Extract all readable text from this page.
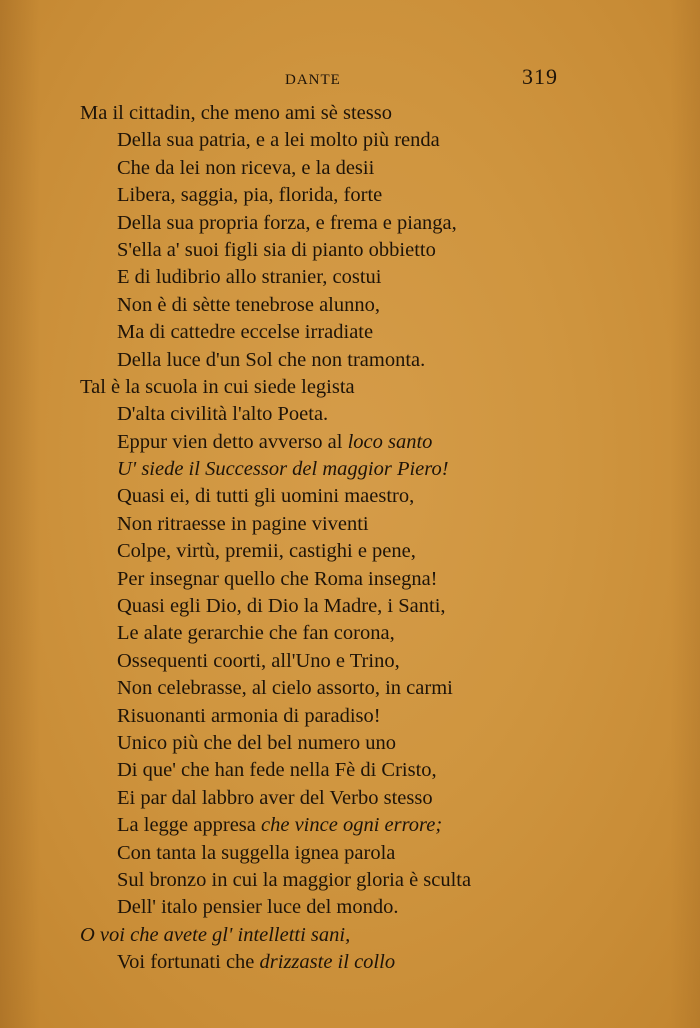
DANTE	319
Ma il cittadin, che meno ami sè stesso
Della sua patria, e a lei molto più renda
Che da lei non riceva, e la desii
Libera, saggia, pia, florida, forte
Della sua propria forza, e frema e pianga,
S'ella a' suoi figli sia di pianto obbietto
E di ludibrio allo stranier, costui
Non è di sètte tenebrose alunno,
Ma di cattedre eccelse irradiate
Della luce d'un Sol che non tramonta.
Tal è la scuola in cui siede legista
D'alta civilità l'alto Poeta.
Eppur vien detto avverso al loco santo
U' siede il Successor del maggior Piero!
Quasi ei, di tutti gli uomini maestro,
Non ritraesse in pagine viventi
Colpe, virtù, premii, castighi e pene,
Per insegnar quello che Roma insegna!
Quasi egli Dio, di Dio la Madre, i Santi,
Le alate gerarchie che fan corona,
Ossequenti coorti, all'Uno e Trino,
Non celebrasse, al cielo assorto, in carmi
Risuonanti armonia di paradiso!
Unico più che del bel numero uno
Di que' che han fede nella Fè di Cristo,
Ei par dal labbro aver del Verbo stesso
La legge appresa che vince ogni errore;
Con tanta la suggella ignea parola
Sul bronzo in cui la maggior gloria è sculta
Dell' italo pensier luce del mondo.
O voi che avete gl' intelletti sani,
Voi fortunati che drizzaste il collo
